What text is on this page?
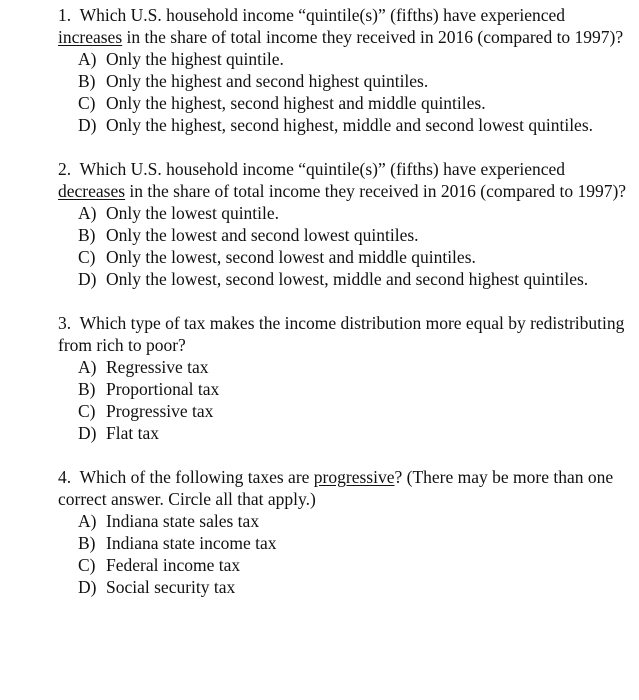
1. Which U.S. household income “quintile(s)” (fifths) have experienced increases in the share of total income they received in 2016 (compared to 1997)?

A) Only the highest quintile.
B) Only the highest and second highest quintiles.
C) Only the highest, second highest and middle quintiles.
D) Only the highest, second highest, middle and second lowest quintiles.

2. Which U.S. household income “quintile(s)” (fifths) have experienced decreases in the share of total income they received in 2016 (compared to 1997)?

A) Only the lowest quintile.
B) Only the lowest and second lowest quintiles.
C) Only the lowest, second lowest and middle quintiles.
D) Only the lowest, second lowest, middle and second highest quintiles.

3. Which type of tax makes the income distribution more equal by redistributing from rich to poor?

A) Regressive tax
B) Proportional tax
C) Progressive tax
D) Flat tax

4. Which of the following taxes are progressive? (There may be more than one correct answer. Circle all that apply.)

A) Indiana state sales tax
B) Indiana state income tax
C) Federal income tax
D) Social security tax
